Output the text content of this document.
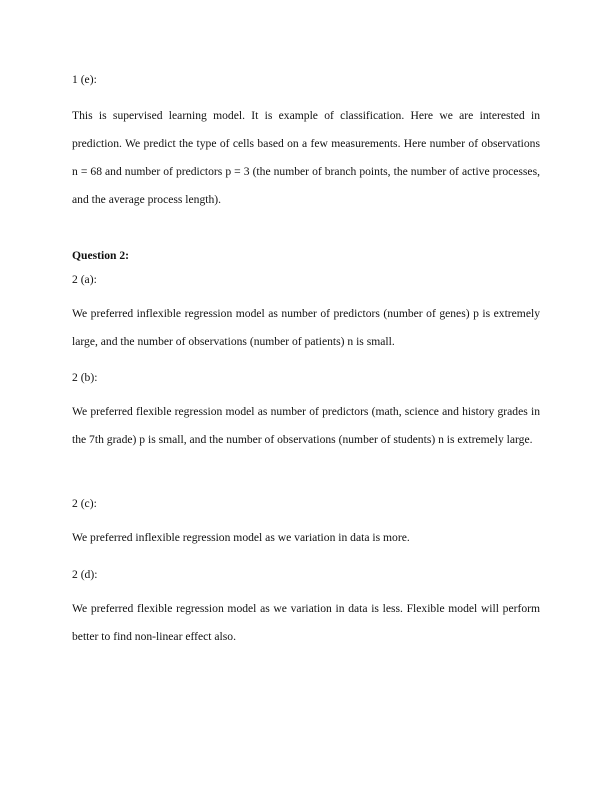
1 (e):

This is supervised learning model. It is example of classification. Here we are interested in prediction. We predict the type of cells based on a few measurements. Here number of observations n = 68 and number of predictors p = 3 (the number of branch points, the number of active processes, and the average process length).

Question 2:

2 (a):

We preferred inflexible regression model as number of predictors (number of genes) p is extremely large, and the number of observations (number of patients) n is small.

2 (b):

We preferred flexible regression model as number of predictors (math, science and history grades in the 7th grade) p is small, and the number of observations (number of students) n is extremely large.

2 (c):

We preferred inflexible regression model as we variation in data is more.

2 (d):

We preferred flexible regression model as we variation in data is less. Flexible model will perform better to find non-linear effect also.
